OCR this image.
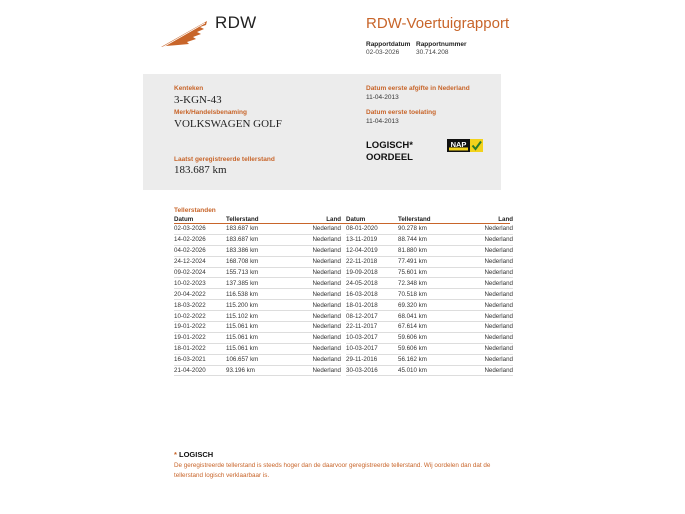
RDW	RDW-Voertuigrapport
Rapportdatum
02-03-2026
Rapportnummer
30.714.208
Kenteken
3-KGN-43
Merk/Handelsbenaming
VOLKSWAGEN GOLF
Laatst geregistreerde tellerstand
183.687 km
Datum eerste afgifte in Nederland
11-04-2013
Datum eerste toelating
11-04-2013
LOGISCH*
OORDEEL
NAP
Tellerstanden
Datum	Tellerstand	Land
02-03-2026	183.687 km	Nederland
14-02-2026	183.687 km	Nederland
04-02-2026	183.386 km	Nederland
24-12-2024	168.708 km	Nederland
09-02-2024	155.713 km	Nederland
10-02-2023	137.385 km	Nederland
20-04-2022	116.538 km	Nederland
18-03-2022	115.200 km	Nederland
10-02-2022	115.102 km	Nederland
19-01-2022	115.061 km	Nederland
19-01-2022	115.061 km	Nederland
18-01-2022	115.061 km	Nederland
16-03-2021	106.657 km	Nederland
21-04-2020	93.196 km	Nederland
Datum	Tellerstand	Land
08-01-2020	90.278 km	Nederland
13-11-2019	88.744 km	Nederland
12-04-2019	81.880 km	Nederland
22-11-2018	77.491 km	Nederland
19-09-2018	75.601 km	Nederland
24-05-2018	72.348 km	Nederland
16-03-2018	70.518 km	Nederland
18-01-2018	69.320 km	Nederland
08-12-2017	68.041 km	Nederland
22-11-2017	67.614 km	Nederland
10-03-2017	59.606 km	Nederland
10-03-2017	59.606 km	Nederland
29-11-2016	56.162 km	Nederland
30-03-2016	45.010 km	Nederland
* LOGISCH
De geregistreerde tellerstand is steeds hoger dan de daarvoor geregistreerde tellerstand. Wij oordelen dan dat de tellerstand logisch verklaarbaar is.
